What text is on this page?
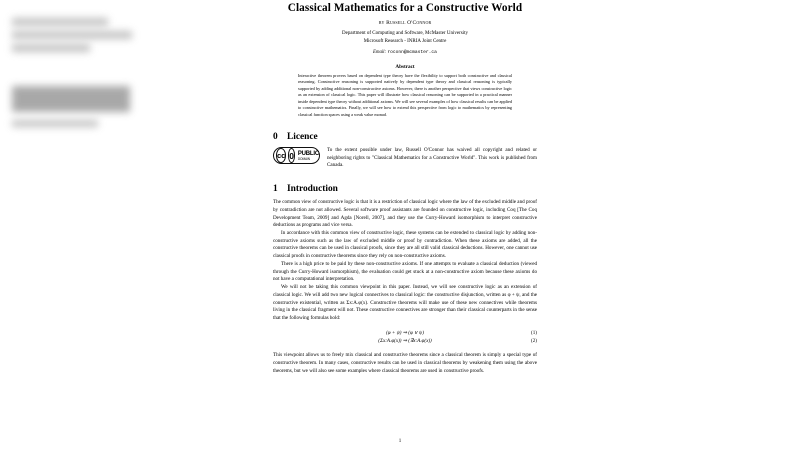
Classical Mathematics for a Constructive World
by Russell O'Connor
Department of Computing and Software, McMaster University
Microsoft Research - INRIA Joint Centre
Email: roconn@mcmaster.ca
Abstract
Interactive theorem provers based on dependent type theory have the flexibility to support both constructive and classical reasoning. Constructive reasoning is supported natively by dependent type theory and classical reasoning is typically supported by adding additional non-constructive axioms. However, there is another perspective that views constructive logic as an extension of classical logic. This paper will illustrate how classical reasoning can be supported in a practical manner inside dependent type theory without additional axioms. We will see several examples of how classical results can be applied to constructive mathematics. Finally, we will see how to extend this perspective from logic to mathematics by representing classical function spaces using a weak value monad.
0 Licence
cc 0 PUBLIC
DOMAIN
To the extent possible under law, Russell O'Connor has waived all copyright and related or neighboring rights to "Classical Mathematics for a Constructive World". This work is published from Canada.
1 Introduction

The common view of constructive logic is that it is a restriction of classical logic where the law of the excluded middle and proof by contradiction are not allowed. Several software proof assistants are founded on constructive logic, including Coq [The Coq Development Team, 2009] and Agda [Norell, 2007], and they use the Curry-Howard isomorphism to interpret constructive deductions as programs and vice versa.

In accordance with this common view of constructive logic, these systems can be extended to classical logic by adding non-constructive axioms such as the law of excluded middle or proof by contradiction. When these axioms are added, all the constructive theorems can be used in classical proofs, since they are all still valid classical deductions. However, one cannot use classical proofs in constructive theorems since they rely on non-constructive axioms.

There is a high price to be paid by these non-constructive axioms. If one attempts to evaluate a classical deduction (viewed through the Curry-Howard isomorphism), the evaluation could get stuck at a non-constructive axiom because these axioms do not have a computational interpretation.

We will not be taking this common viewpoint in this paper. Instead, we will see constructive logic as an extension of classical logic. We will add two new logical connectives to classical logic: the constructive disjunction, written as φ + ψ, and the constructive existential, written as Σx:A.φ(x). Constructive theorems will make use of these new connectives while theorems living in the classical fragment will not. These constructive connectives are stronger than their classical counterparts in the sense that the following formulas hold:

(φ + ψ) ⇒ (φ ∨ ψ)	(1)
(Σx:A.φ(x)) ⇒ (∃x:A.φ(x))	(2)

This viewpoint allows us to freely mix classical and constructive theorems since a classical theorem is simply a special type of constructive theorem. In many cases, constructive results can be used in classical theorems by weakening them using the above theorems, but we will also see some examples where classical theorems are used in constructive proofs.

1
